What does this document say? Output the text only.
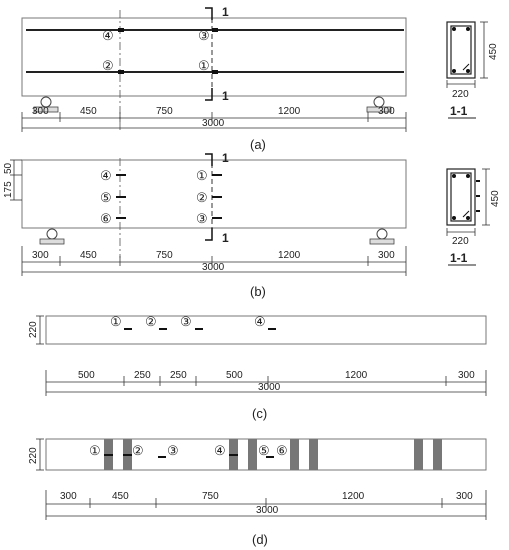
1
1
④	③
②	①
300	450	750	1200	300
3000
450
220
1-1
(a)
1
1
175
50	④	①
⑤	②
⑥	③
300	450	750	1200	300
3000
450
220
1-1
(b)
220	① ② ③	④
500	250 250	500	1200	300
3000
(c)
220	① ② ③	④ ⑤ ⑥
300	450	750	1200	300
3000
(d)
